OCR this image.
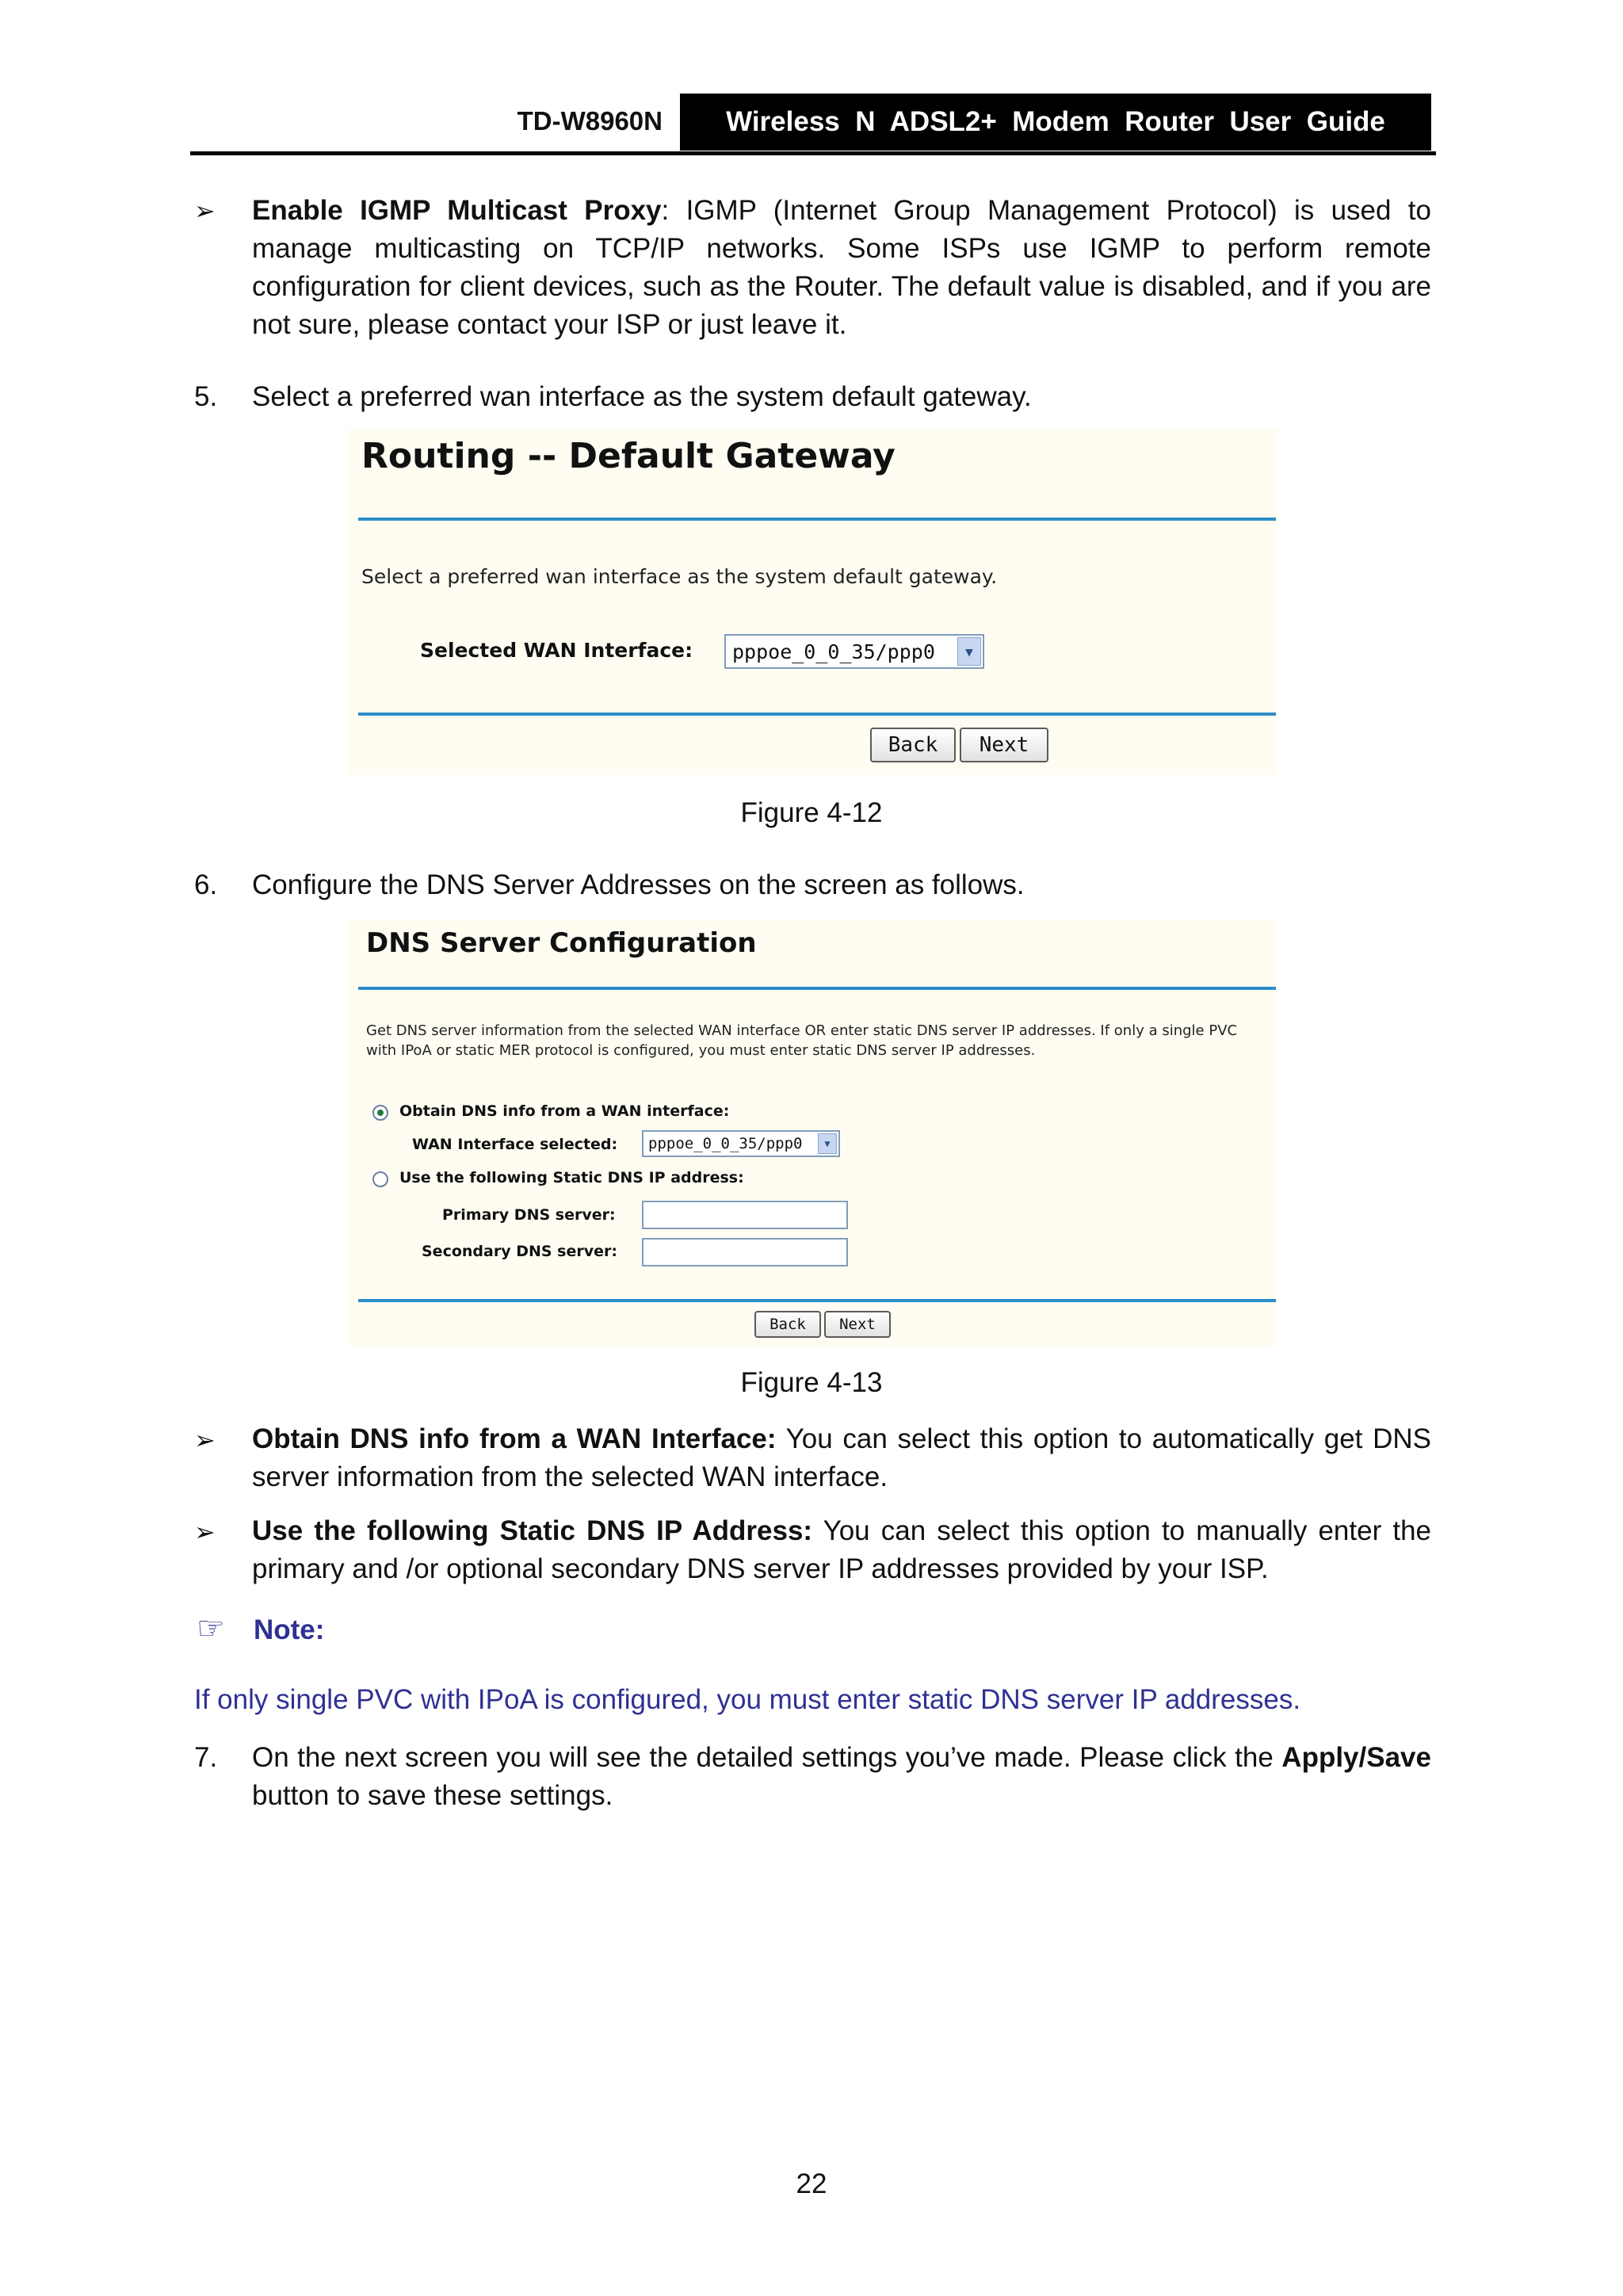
TD-W8960N	Wireless  N  ADSL2+  Modem  Router  User  Guide
➢ Enable IGMP Multicast Proxy: IGMP (Internet Group Management Protocol) is used to manage multicasting on TCP/IP networks. Some ISPs use IGMP to perform remote configuration for client devices, such as the Router. The default value is disabled, and if you are not sure, please contact your ISP or just leave it.
5. Select a preferred wan interface as the system default gateway.
Routing -- Default Gateway
Select a preferred wan interface as the system default gateway.
Selected WAN Interface: pppoe_0_0_35/ppp0	▼
Back	Next
Figure 4-12
6. Configure the DNS Server Addresses on the screen as follows.
DNS Server Configuration
Get DNS server information from the selected WAN interface OR enter static DNS server IP addresses. If only a single PVC
with IPoA or static MER protocol is configured, you must enter static DNS server IP addresses.
Obtain DNS info from a WAN interface:
WAN Interface selected: pppoe_0_0_35/ppp0	▼
Use the following Static DNS IP address:
Primary DNS server:
Secondary DNS server:
Back	Next
Figure 4-13
➢ Obtain DNS info from a WAN Interface: You can select this option to automatically get DNS server information from the selected WAN interface.
➢ Use the following Static DNS IP Address: You can select this option to manually enter the primary and /or optional secondary DNS server IP addresses provided by your ISP.
☞ Note:
If only single PVC with IPoA is configured, you must enter static DNS server IP addresses.
7. On the next screen you will see the detailed settings you’ve made. Please click the Apply/Save button to save these settings.
22
